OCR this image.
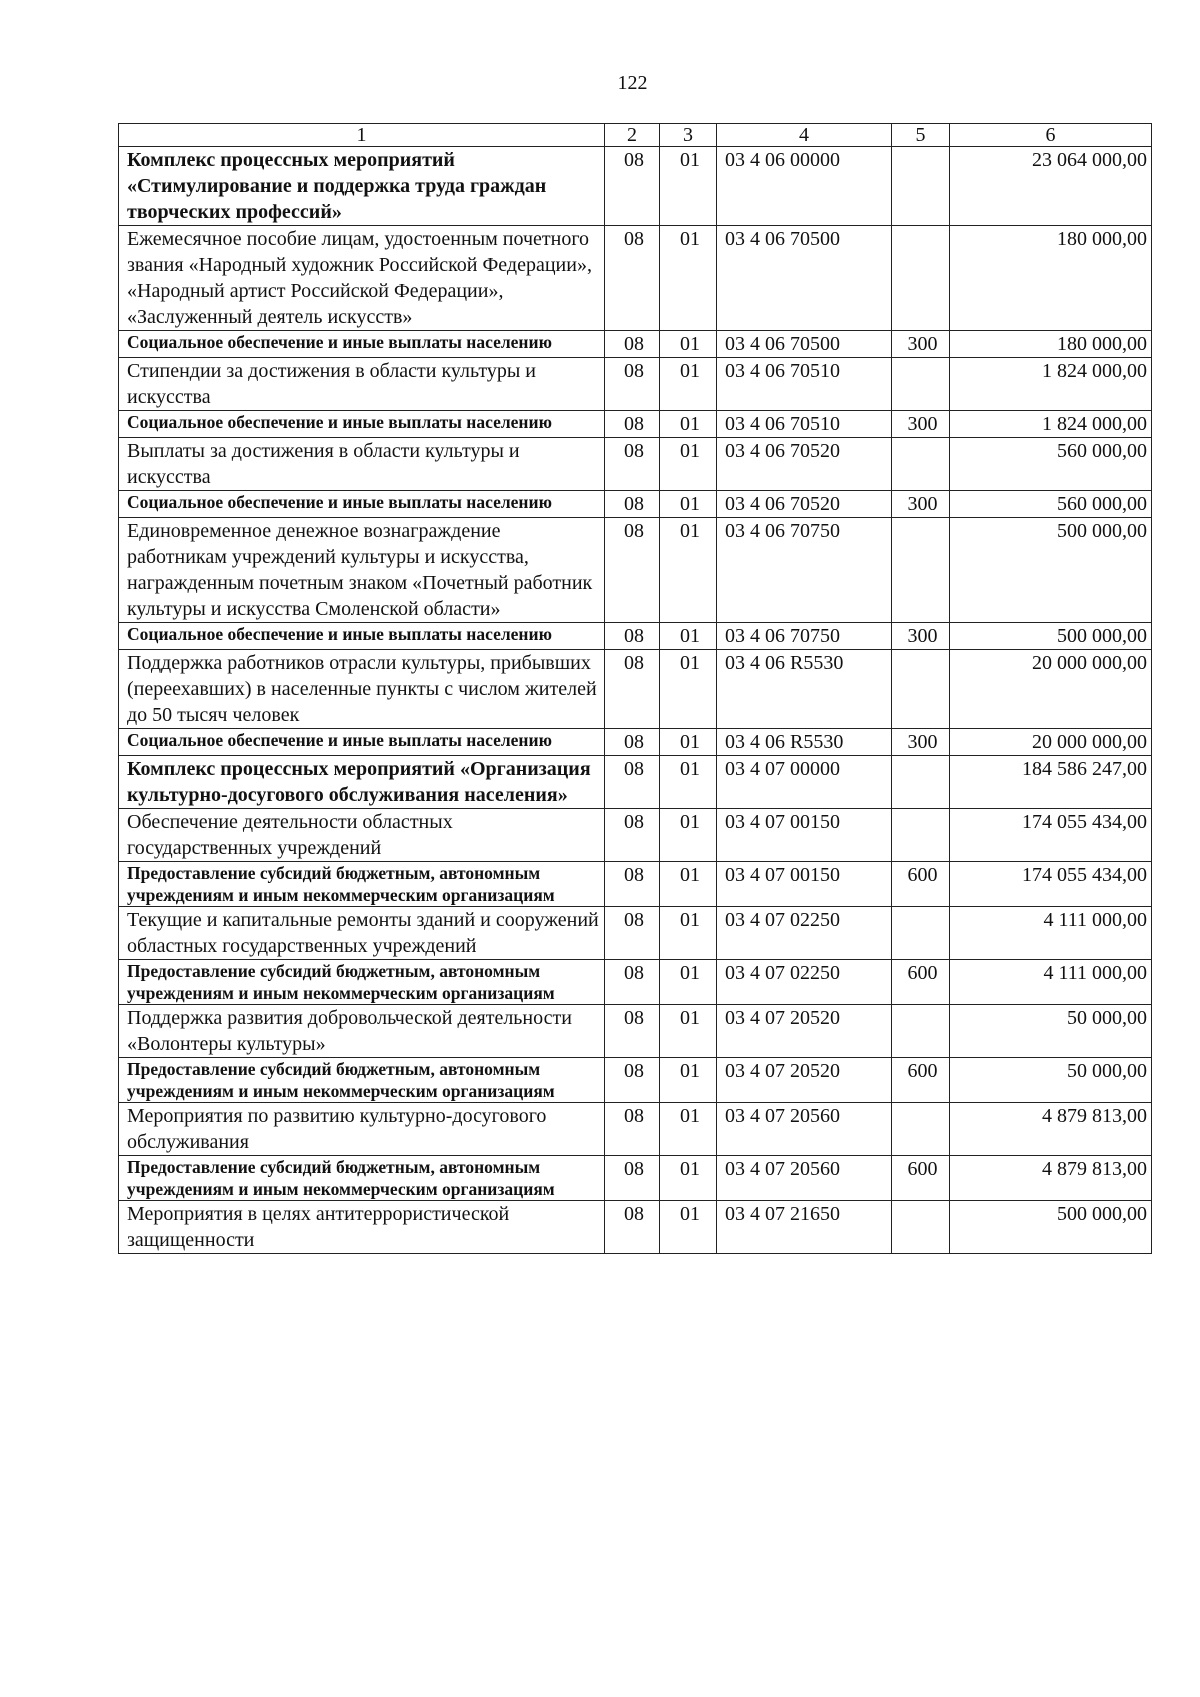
122
1	2	3	4	5	6
Комплекс процессных мероприятий «Стимулирование и поддержка труда граждан творческих профессий»	08	01	03 4 06 00000		23 064 000,00
Ежемесячное пособие лицам, удостоенным почетного звания «Народный художник Российской Федерации», «Народный артист Российской Федерации», «Заслуженный деятель искусств»	08	01	03 4 06 70500		180 000,00
Социальное обеспечение и иные выплаты населению	08	01	03 4 06 70500	300	180 000,00
Стипендии за достижения в области культуры и искусства	08	01	03 4 06 70510		1 824 000,00
Социальное обеспечение и иные выплаты населению	08	01	03 4 06 70510	300	1 824 000,00
Выплаты за достижения в области культуры и искусства	08	01	03 4 06 70520		560 000,00
Социальное обеспечение и иные выплаты населению	08	01	03 4 06 70520	300	560 000,00
Единовременное денежное вознаграждение работникам учреждений культуры и искусства, награжденным почетным знаком «Почетный работник культуры и искусства Смоленской области»	08	01	03 4 06 70750		500 000,00
Социальное обеспечение и иные выплаты населению	08	01	03 4 06 70750	300	500 000,00
Поддержка работников отрасли культуры, прибывших (переехавших) в населенные пункты с числом жителей до 50 тысяч человек	08	01	03 4 06 R5530		20 000 000,00
Социальное обеспечение и иные выплаты населению	08	01	03 4 06 R5530	300	20 000 000,00
Комплекс процессных мероприятий «Организация культурно-досугового обслуживания населения»	08	01	03 4 07 00000		184 586 247,00
Обеспечение деятельности областных государственных учреждений	08	01	03 4 07 00150		174 055 434,00
Предоставление субсидий бюджетным, автономным учреждениям и иным некоммерческим организациям	08	01	03 4 07 00150	600	174 055 434,00
Текущие и капитальные ремонты зданий и сооружений областных государственных учреждений	08	01	03 4 07 02250		4 111 000,00
Предоставление субсидий бюджетным, автономным учреждениям и иным некоммерческим организациям	08	01	03 4 07 02250	600	4 111 000,00
Поддержка развития добровольческой деятельности «Волонтеры культуры»	08	01	03 4 07 20520		50 000,00
Предоставление субсидий бюджетным, автономным учреждениям и иным некоммерческим организациям	08	01	03 4 07 20520	600	50 000,00
Мероприятия по развитию культурно-досугового обслуживания	08	01	03 4 07 20560		4 879 813,00
Предоставление субсидий бюджетным, автономным учреждениям и иным некоммерческим организациям	08	01	03 4 07 20560	600	4 879 813,00
Мероприятия в целях антитеррористической защищенности	08	01	03 4 07 21650		500 000,00
